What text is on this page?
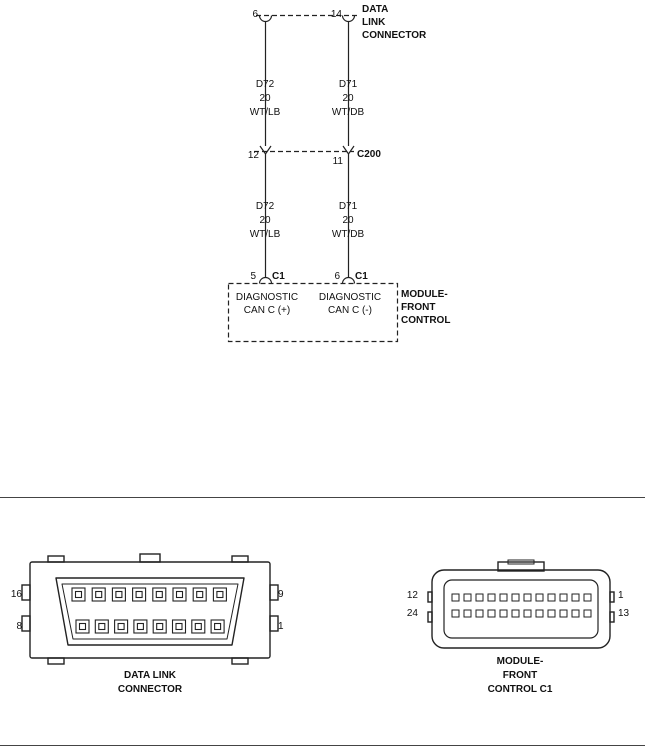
6	14 DATA
LINK
CONNECTOR
D72
20
WT/LB
D71
20
WT/DB
12
11
C200
D72
20
WT/LB
D71
20
WT/DB
5 C1	6 C1
DIAGNOSTIC
CAN C (+)
DIAGNOSTIC
CAN C (-)
MODULE-
FRONT
CONTROL
16
8
9
1
DATA LINK
CONNECTOR
12
24
1
13
MODULE-
FRONT
CONTROL C1
